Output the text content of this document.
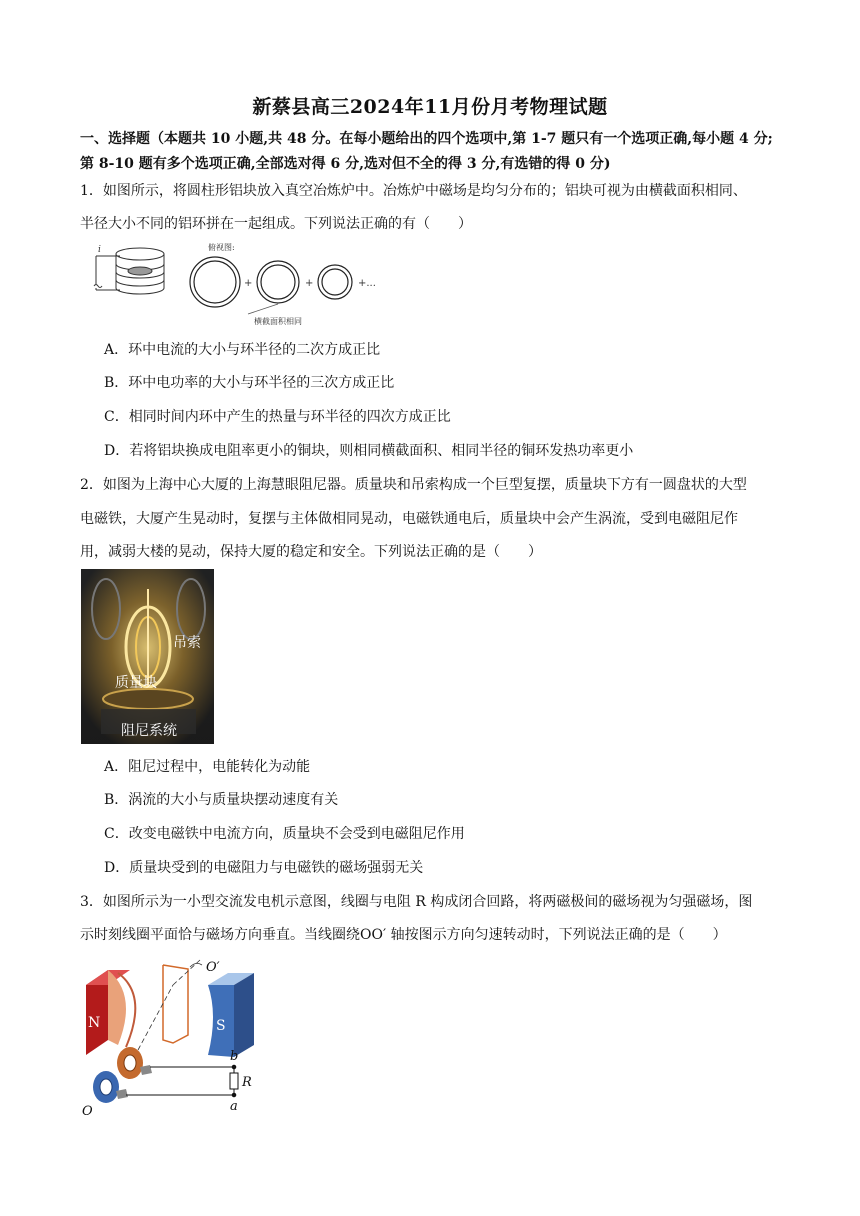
新蔡县高三2024年11月份月考物理试题
一、选择题（本题共 10 小题,共 48 分。在每小题给出的四个选项中,第 1-7 题只有一个选项正确,每小题 4 分;
第 8-10 题有多个选项正确,全部选对得 6 分,选对但不全的得 3 分,有选错的得 0 分)
1．如图所示，将圆柱形铝块放入真空冶炼炉中。冶炼炉中磁场是均匀分布的；铝块可视为由横截面积相同、
半径大小不同的铝环拼在一起组成。下列说法正确的有（　　）
i	俯视图:
+	+	+...
横截面积相同
A．环中电流的大小与环半径的二次方成正比
B．环中电功率的大小与环半径的三次方成正比
C．相同时间内环中产生的热量与环半径的四次方成正比
D．若将铝块换成电阻率更小的铜块，则相同横截面积、相同半径的铜环发热功率更小
2．如图为上海中心大厦的上海慧眼阻尼器。质量块和吊索构成一个巨型复摆，质量块下方有一圆盘状的大型
电磁铁，大厦产生晃动时，复摆与主体做相同晃动，电磁铁通电后，质量块中会产生涡流，受到电磁阻尼作
用，减弱大楼的晃动，保持大厦的稳定和安全。下列说法正确的是（　　）
吊索
质量块
阻尼系统
A．阻尼过程中，电能转化为动能
B．涡流的大小与质量块摆动速度有关
C．改变电磁铁中电流方向，质量块不会受到电磁阻尼作用
D．质量块受到的电磁阻力与电磁铁的磁场强弱无关
3．如图所示为一小型交流发电机示意图，线圈与电阻 R 构成闭合回路，将两磁极间的磁场视为匀强磁场，图
示时刻线圈平面恰与磁场方向垂直。当线圈绕OO′ 轴按图示方向匀速转动时，下列说法正确的是（　　）
N	S
O′
b
R
a
O
